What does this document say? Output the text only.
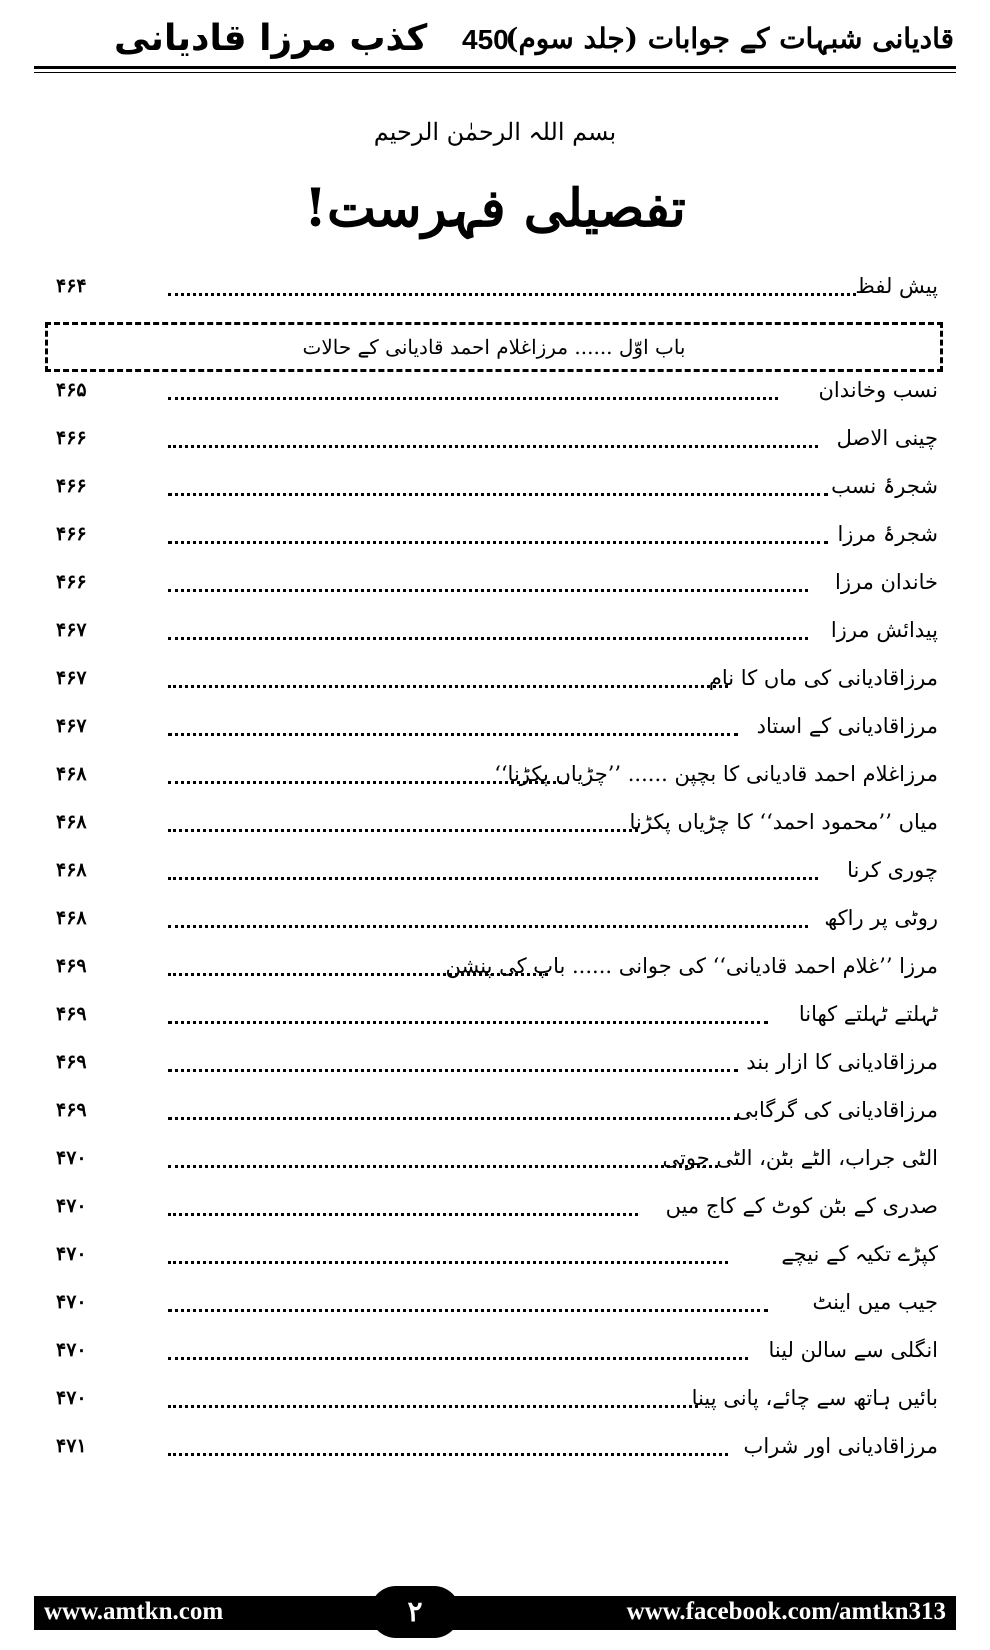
قادیانی شبہات کے جوابات (جلد سوم)
450
کذب مرزا قادیانی
بسم اللہ الرحمٰن الرحیم
تفصیلی فہرست!
پیش لفظ
۴۶۴
باب اوّل ...... مرزاغلام احمد قادیانی کے حالات
نسب وخاندان
۴۶۵
چینی الاصل
۴۶۶
شجرۂ نسب
۴۶۶
شجرۂ مرزا
۴۶۶
خاندان مرزا
۴۶۶
پیدائش مرزا
۴۶۷
مرزاقادیانی کی ماں کا نام
۴۶۷
مرزاقادیانی کے استاد
۴۶۷
مرزاغلام احمد قادیانی کا بچپن ...... ’’چڑیاں پکڑنا‘‘
۴۶۸
میاں ’’محمود احمد‘‘ کا چڑیاں پکڑنا
۴۶۸
چوری کرنا
۴۶۸
روٹی پر راکھ
۴۶۸
مرزا ’’غلام احمد قادیانی‘‘ کی جوانی ...... باپ کی پنشن
۴۶۹
ٹہلتے ٹہلتے کھانا
۴۶۹
مرزاقادیانی کا ازار بند
۴۶۹
مرزاقادیانی کی گرگابی
۴۶۹
الٹی جراب، الٹے بٹن، الٹی جوتی
۴۷۰
صدری کے بٹن کوٹ کے کاج میں
۴۷۰
کپڑے تکیہ کے نیچے
۴۷۰
جیب میں اینٹ
۴۷۰
انگلی سے سالن لینا
۴۷۰
بائیں ہاتھ سے چائے، پانی پینا
۴۷۰
مرزاقادیانی اور شراب
۴۷۱
www.amtkn.com	۲	www.facebook.com/amtkn313
